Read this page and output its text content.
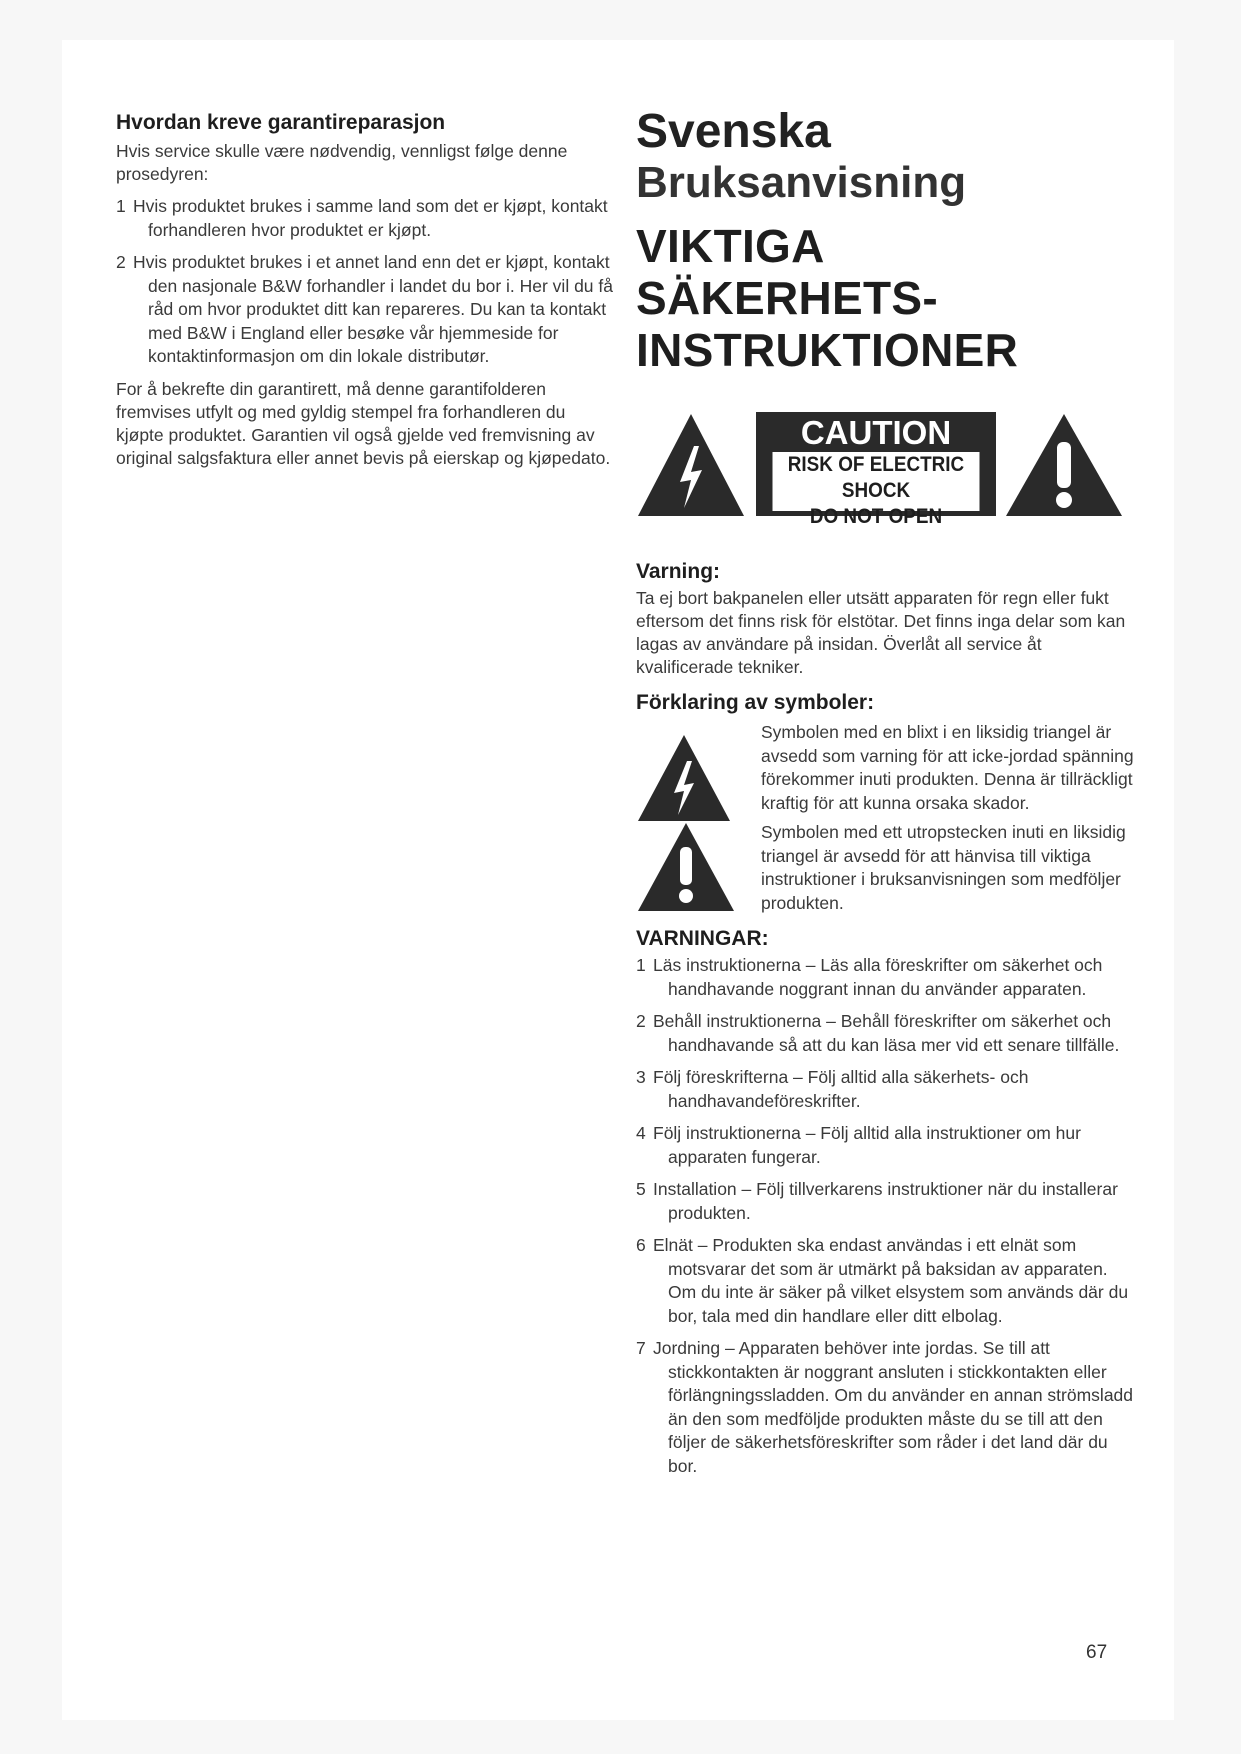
Hvordan kreve garantireparasjon

Hvis service skulle være nødvendig, vennligst følge denne prosedyren:

1 Hvis produktet brukes i samme land som det er kjøpt, kontakt forhandleren hvor produktet er kjøpt.

2 Hvis produktet brukes i et annet land enn det er kjøpt, kontakt den nasjonale B&W forhandler i landet du bor i. Her vil du få råd om hvor produktet ditt kan repareres. Du kan ta kontakt med B&W i England eller besøke vår hjemmeside for kontaktinformasjon om din lokale distributør.

For å bekrefte din garantirett, må denne garantifolderen fremvises utfylt og med gyldig stempel fra forhandleren du kjøpte produktet. Garantien vil også gjelde ved fremvisning av original salgsfaktura eller annet bevis på eierskap og kjøpedato.

Svenska
Bruksanvisning
VIKTIGA
SÄKERHETS-
INSTRUKTIONER
CAUTION
RISK OF ELECTRIC SHOCK
DO NOT OPEN
Varning:

Ta ej bort bakpanelen eller utsätt apparaten för regn eller fukt eftersom det finns risk för elstötar. Det finns inga delar som kan lagas av användare på insidan. Överlåt all service åt kvalificerade tekniker.

Förklaring av symboler:

Symbolen med en blixt i en liksidig triangel är avsedd som varning för att icke-jordad spänning förekommer inuti produkten. Denna är tillräckligt kraftig för att kunna orsaka skador.

Symbolen med ett utropstecken inuti en liksidig triangel är avsedd för att hänvisa till viktiga instruktioner i bruksanvisningen som medföljer produkten.

VARNINGAR:

1 Läs instruktionerna – Läs alla föreskrifter om säkerhet och handhavande noggrant innan du använder apparaten.

2 Behåll instruktionerna – Behåll föreskrifter om säkerhet och handhavande så att du kan läsa mer vid ett senare tillfälle.

3 Följ föreskrifterna – Följ alltid alla säkerhets- och handhavandeföreskrifter.

4 Följ instruktionerna – Följ alltid alla instruktioner om hur apparaten fungerar.

5 Installation – Följ tillverkarens instruktioner när du installerar produkten.

6 Elnät – Produkten ska endast användas i ett elnät som motsvarar det som är utmärkt på baksidan av apparaten. Om du inte är säker på vilket elsystem som används där du bor, tala med din handlare eller ditt elbolag.

7 Jordning – Apparaten behöver inte jordas. Se till att stickkontakten är noggrant ansluten i stickkontakten eller förlängningssladden. Om du använder en annan strömsladd än den som medföljde produkten måste du se till att den följer de säkerhetsföreskrifter som råder i det land där du bor.

67
